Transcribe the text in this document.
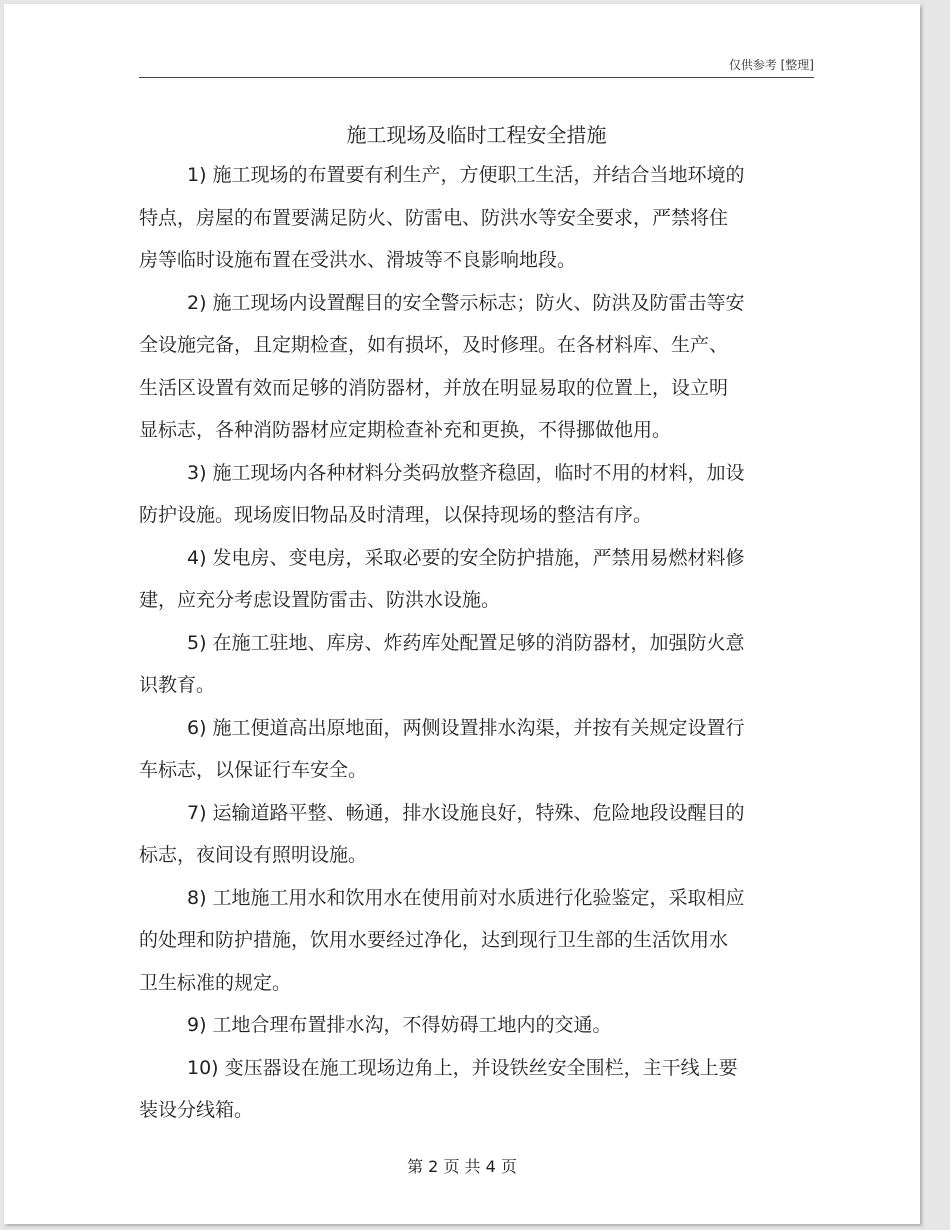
仅供参考 [整理]
施工现场及临时工程安全措施

1) 施工现场的布置要有利生产，方便职工生活，并结合当地环境的

特点，房屋的布置要满足防火、防雷电、防洪水等安全要求，严禁将住

房等临时设施布置在受洪水、滑坡等不良影响地段。

2) 施工现场内设置醒目的安全警示标志；防火、防洪及防雷击等安

全设施完备，且定期检查，如有损坏，及时修理。在各材料库、生产、

生活区设置有效而足够的消防器材，并放在明显易取的位置上，设立明

显标志，各种消防器材应定期检查补充和更换，不得挪做他用。

3) 施工现场内各种材料分类码放整齐稳固，临时不用的材料，加设

防护设施。现场废旧物品及时清理，以保持现场的整洁有序。

4) 发电房、变电房，采取必要的安全防护措施，严禁用易燃材料修

建，应充分考虑设置防雷击、防洪水设施。

5) 在施工驻地、库房、炸药库处配置足够的消防器材，加强防火意

识教育。

6) 施工便道高出原地面，两侧设置排水沟渠，并按有关规定设置行

车标志，以保证行车安全。

7) 运输道路平整、畅通，排水设施良好，特殊、危险地段设醒目的

标志，夜间设有照明设施。

8) 工地施工用水和饮用水在使用前对水质进行化验鉴定，采取相应

的处理和防护措施，饮用水要经过净化，达到现行卫生部的生活饮用水

卫生标准的规定。

9) 工地合理布置排水沟，不得妨碍工地内的交通。

10) 变压器设在施工现场边角上，并设铁丝安全围栏，主干线上要

装设分线箱。

第 2 页 共 4 页
